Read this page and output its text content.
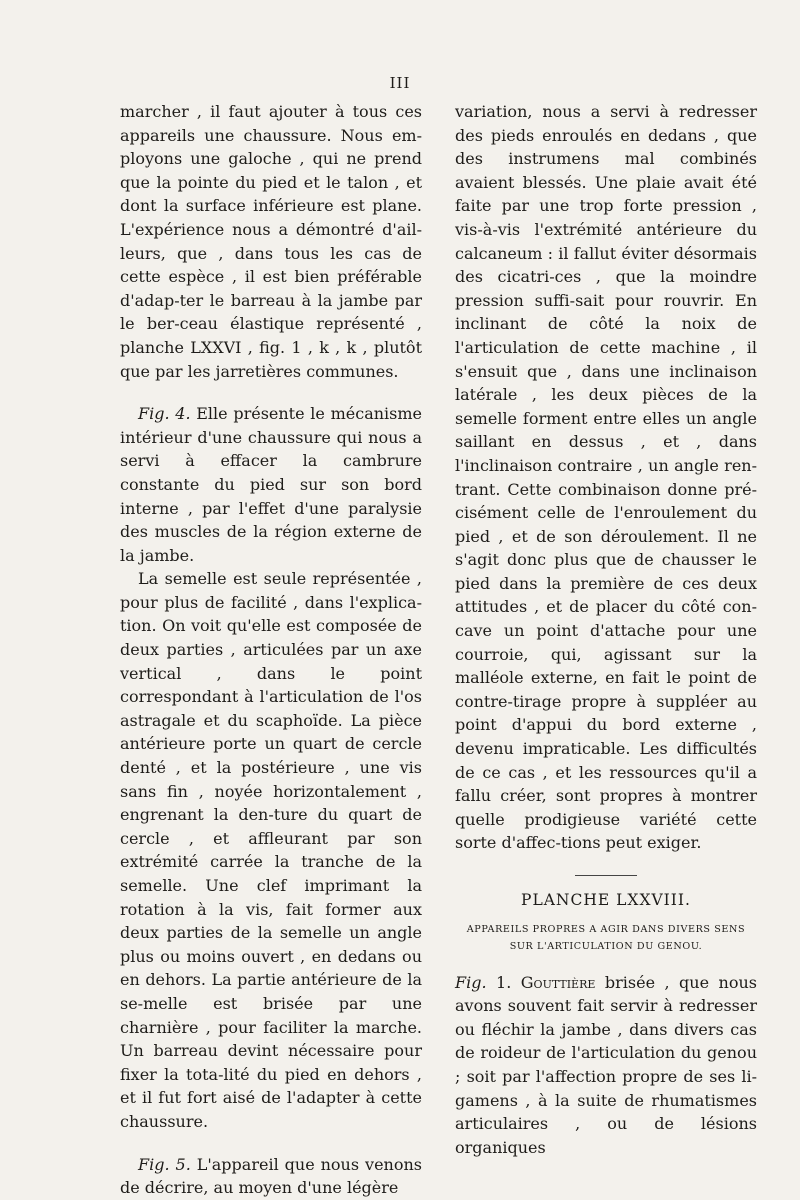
III

marcher , il faut ajouter à tous ces appareils une chaussure. Nous em-ployons une galoche , qui ne prend que la pointe du pied et le talon , et dont la surface inférieure est plane. L'expérience nous a démontré d'ail-leurs, que , dans tous les cas de cette espèce , il est bien préférable d'adap-ter le barreau à la jambe par le ber-ceau élastique représenté , planche LXXVI , fig. 1 , k , k , plutôt que par les jarretières communes.

Fig. 4. Elle présente le mécanisme intérieur d'une chaussure qui nous a servi à effacer la cambrure constante du pied sur son bord interne , par l'effet d'une paralysie des muscles de la région externe de la jambe.

La semelle est seule représentée , pour plus de facilité , dans l'explica-tion. On voit qu'elle est composée de deux parties , articulées par un axe vertical , dans le point correspondant à l'articulation de l'os astragale et du scaphoïde. La pièce antérieure porte un quart de cercle denté , et la postérieure , une vis sans fin , noyée horizontalement , engrenant la den-ture du quart de cercle , et affleurant par son extrémité carrée la tranche de la semelle. Une clef imprimant la rotation à la vis, fait former aux deux parties de la semelle un angle plus ou moins ouvert , en dedans ou en dehors. La partie antérieure de la se-melle est brisée par une charnière , pour faciliter la marche. Un barreau devint nécessaire pour fixer la tota-lité du pied en dehors , et il fut fort aisé de l'adapter à cette chaussure.

Fig. 5. L'appareil que nous venons de décrire, au moyen d'une légère

variation, nous a servi à redresser des pieds enroulés en dedans , que des instrumens mal combinés avaient blessés. Une plaie avait été faite par une trop forte pression , vis-à-vis l'extrémité antérieure du calcaneum : il fallut éviter désormais des cicatri-ces , que la moindre pression suffi-sait pour rouvrir. En inclinant de côté la noix de l'articulation de cette machine , il s'ensuit que , dans une inclinaison latérale , les deux pièces de la semelle forment entre elles un angle saillant en dessus , et , dans l'inclinaison contraire , un angle ren-trant. Cette combinaison donne pré-cisément celle de l'enroulement du pied , et de son déroulement. Il ne s'agit donc plus que de chausser le pied dans la première de ces deux attitudes , et de placer du côté con-cave un point d'attache pour une courroie, qui, agissant sur la malléole externe, en fait le point de contre-tirage propre à suppléer au point d'appui du bord externe , devenu impraticable. Les difficultés de ce cas , et les ressources qu'il a fallu créer, sont propres à montrer quelle prodigieuse variété cette sorte d'affec-tions peut exiger.

PLANCHE LXXVIII.
APPAREILS PROPRES A AGIR DANS DIVERS SENS
SUR L'ARTICULATION DU GENOU.

Fig. 1. Gouttière brisée , que nous avons souvent fait servir à redresser ou fléchir la jambe , dans divers cas de roideur de l'articulation du genou ; soit par l'affection propre de ses li-gamens , à la suite de rhumatismes articulaires , ou de lésions organiques
